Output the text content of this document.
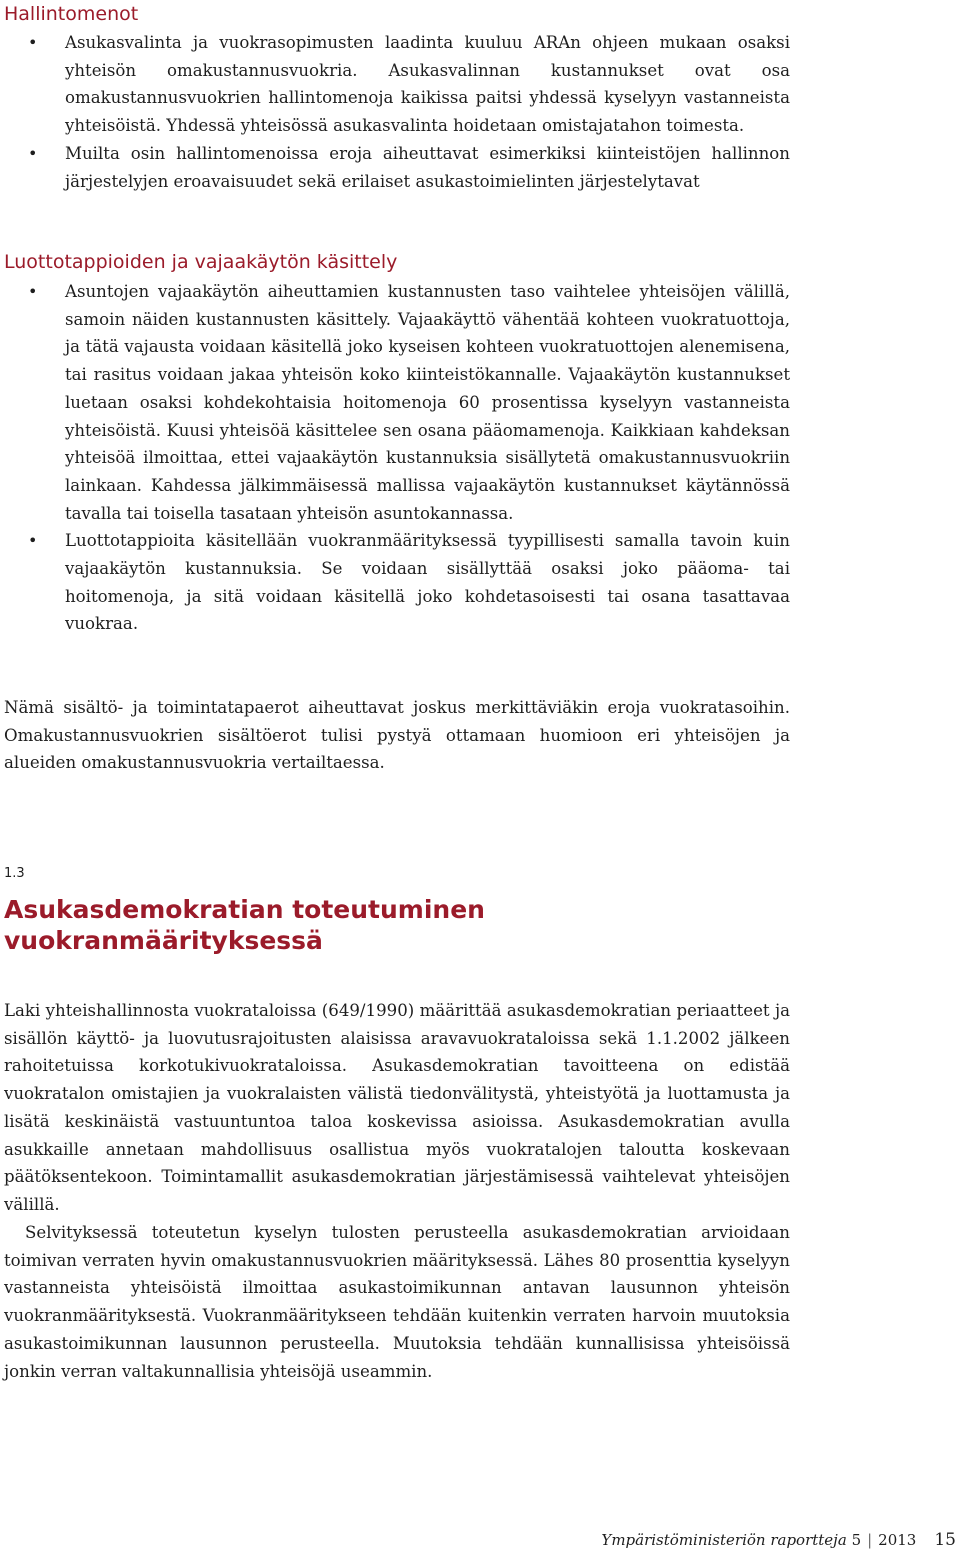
Hallintomenot
• Asukasvalinta ja vuokrasopimusten laadinta kuuluu ARAn ohjeen mukaan osaksi yhteisön omakustannusvuokria. Asukasvalinnan kustannukset ovat osa omakustannusvuokrien hallintomenoja kaikissa paitsi yhdessä kyselyyn vastanneista yhteisöistä. Yhdessä yhteisössä asukasvalinta hoidetaan omistajatahon toimesta.
• Muilta osin hallintomenoissa eroja aiheuttavat esimerkiksi kiinteistöjen hallinnon järjestelyjen eroavaisuudet sekä erilaiset asukastoimielinten järjestelytavat
Luottotappioiden ja vajaakäytön käsittely
• Asuntojen vajaakäytön aiheuttamien kustannusten taso vaihtelee yhteisöjen välillä, samoin näiden kustannusten käsittely. Vajaakäyttö vähentää kohteen vuokratuottoja, ja tätä vajausta voidaan käsitellä joko kyseisen kohteen vuokratuottojen alenemisena, tai rasitus voidaan jakaa yhteisön koko kiinteistökannalle. Vajaakäytön kustannukset luetaan osaksi kohdekohtaisia hoitomenoja 60 prosentissa kyselyyn vastanneista yhteisöistä. Kuusi yhteisöä käsittelee sen osana pääomamenoja. Kaikkiaan kahdeksan yhteisöä ilmoittaa, ettei vajaakäytön kustannuksia sisällytetä omakustannusvuokriin lainkaan. Kahdessa jälkimmäisessä mallissa vajaakäytön kustannukset käytännössä tavalla tai toisella tasataan yhteisön asuntokannassa.
• Luottotappioita käsitellään vuokranmäärityksessä tyypillisesti samalla tavoin kuin vajaakäytön kustannuksia. Se voidaan sisällyttää osaksi joko pääoma- tai hoitomenoja, ja sitä voidaan käsitellä joko kohdetasoisesti tai osana tasattavaa vuokraa.

Nämä sisältö- ja toimintatapaerot aiheuttavat joskus merkittäviäkin eroja vuokratasoihin. Omakustannusvuokrien sisältöerot tulisi pystyä ottamaan huomioon eri yhteisöjen ja alueiden omakustannusvuokria vertailtaessa.

1.3

Asukasdemokratian toteutuminen
vuokranmäärityksessä

Laki yhteishallinnosta vuokrataloissa (649/1990) määrittää asukasdemokratian periaatteet ja sisällön käyttö- ja luovutusrajoitusten alaisissa aravavuokrataloissa sekä 1.1.2002 jälkeen rahoitetuissa korkotukivuokrataloissa. Asukasdemokratian tavoitteena on edistää vuokratalon omistajien ja vuokralaisten välistä tiedonvälitystä, yhteistyötä ja luottamusta ja lisätä keskinäistä vastuuntuntoa taloa koskevissa asioissa. Asukasdemokratian avulla asukkaille annetaan mahdollisuus osallistua myös vuokratalojen taloutta koskevaan päätöksentekoon. Toimintamallit asukasdemokratian järjestämisessä vaihtelevat yhteisöjen välillä.

Selvityksessä toteutetun kyselyn tulosten perusteella asukasdemokratian arvioidaan toimivan verraten hyvin omakustannusvuokrien määrityksessä. Lähes 80 prosenttia kyselyyn vastanneista yhteisöistä ilmoittaa asukastoimikunnan antavan lausunnon yhteisön vuokranmäärityksestä. Vuokranmääritykseen tehdään kuitenkin verraten harvoin muutoksia asukastoimikunnan lausunnon perusteella. Muutoksia tehdään kunnallisissa yhteisöissä jonkin verran valtakunnallisia yhteisöjä useammin.

Ympäristöministeriön raportteja 5 | 2013 15
